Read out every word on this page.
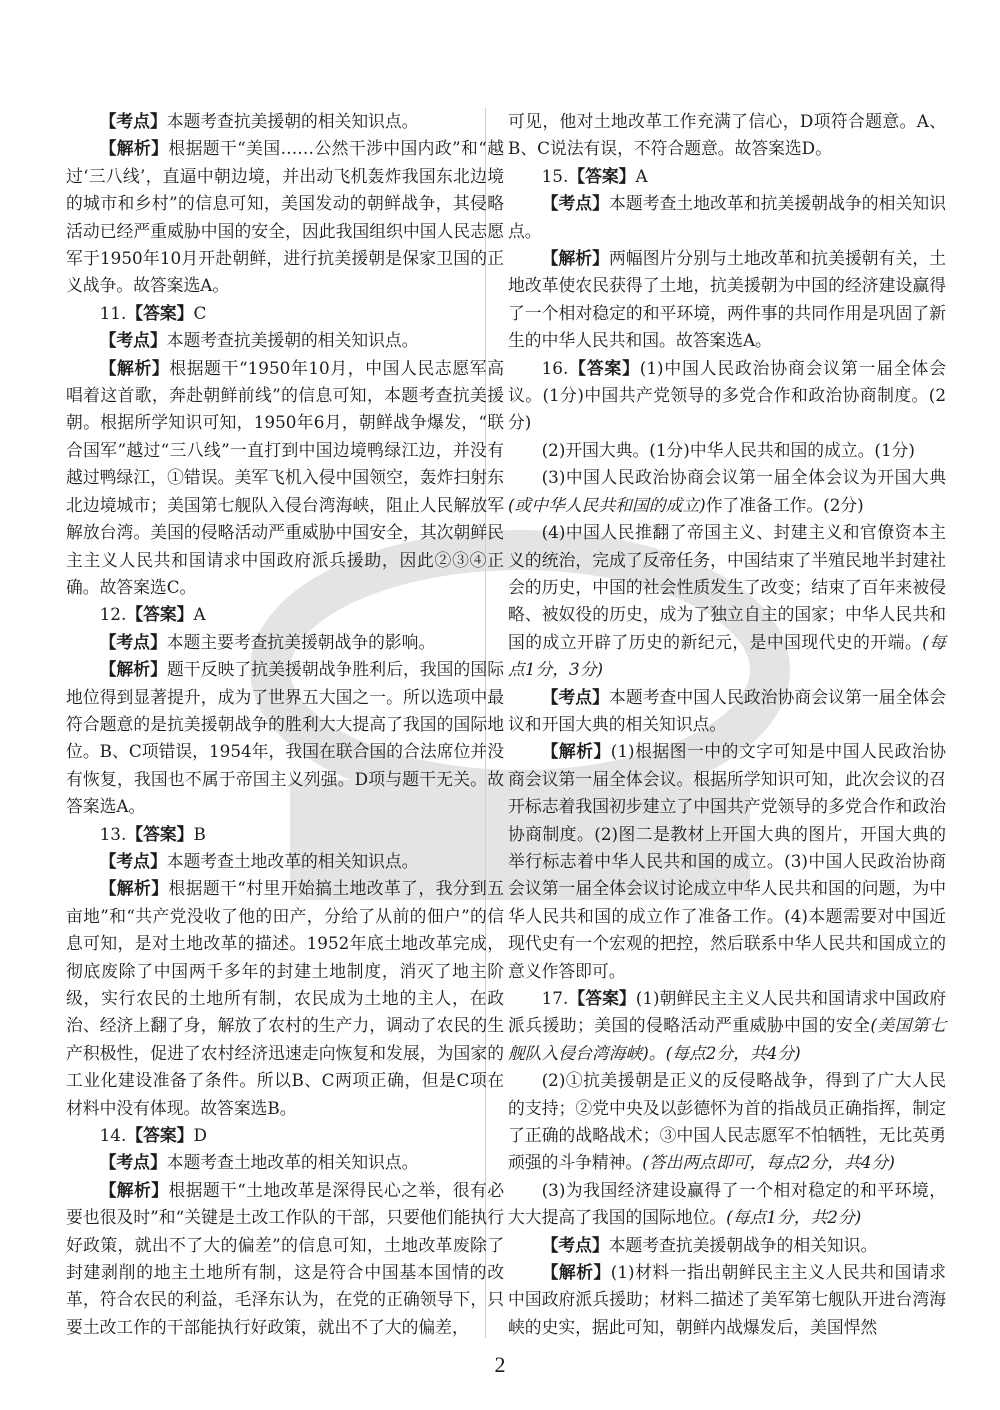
【考点】本题考查抗美援朝的相关知识点。

【解析】根据题干“美国……公然干涉中国内政”和“越过‘三八线’，直逼中朝边境，并出动飞机轰炸我国东北边境的城市和乡村”的信息可知，美国发动的朝鲜战争，其侵略活动已经严重威胁中国的安全，因此我国组织中国人民志愿军于1950年10月开赴朝鲜，进行抗美援朝是保家卫国的正义战争。故答案选A。

11.【答案】C

【考点】本题考查抗美援朝的相关知识点。

【解析】根据题干“1950年10月，中国人民志愿军高唱着这首歌，奔赴朝鲜前线”的信息可知，本题考查抗美援朝。根据所学知识可知，1950年6月，朝鲜战争爆发，“联合国军”越过“三八线”一直打到中国边境鸭绿江边，并没有越过鸭绿江，①错误。美军飞机入侵中国领空，轰炸扫射东北边境城市；美国第七舰队入侵台湾海峡，阻止人民解放军解放台湾。美国的侵略活动严重威胁中国安全，其次朝鲜民主主义人民共和国请求中国政府派兵援助，因此②③④正确。故答案选C。

12.【答案】A

【考点】本题主要考查抗美援朝战争的影响。

【解析】题干反映了抗美援朝战争胜利后，我国的国际地位得到显著提升，成为了世界五大国之一。所以选项中最符合题意的是抗美援朝战争的胜利大大提高了我国的国际地位。B、C项错误，1954年，我国在联合国的合法席位并没有恢复，我国也不属于帝国主义列强。D项与题干无关。故答案选A。

13.【答案】B

【考点】本题考查土地改革的相关知识点。

【解析】根据题干“村里开始搞土地改革了，我分到五亩地”和“共产党没收了他的田产，分给了从前的佃户”的信息可知，是对土地改革的描述。1952年底土地改革完成，彻底废除了中国两千多年的封建土地制度，消灭了地主阶级，实行农民的土地所有制，农民成为土地的主人，在政治、经济上翻了身，解放了农村的生产力，调动了农民的生产积极性，促进了农村经济迅速走向恢复和发展，为国家的工业化建设准备了条件。所以B、C两项正确，但是C项在材料中没有体现。故答案选B。

14.【答案】D

【考点】本题考查土地改革的相关知识点。

【解析】根据题干“土地改革是深得民心之举，很有必要也很及时”和“关键是土改工作队的干部，只要他们能执行好政策，就出不了大的偏差”的信息可知，土地改革废除了封建剥削的地主土地所有制，这是符合中国基本国情的改革，符合农民的利益，毛泽东认为，在党的正确领导下，只要土改工作的干部能执行好政策，就出不了大的偏差，

可见，他对土地改革工作充满了信心，D项符合题意。A、B、C说法有误，不符合题意。故答案选D。

15.【答案】A

【考点】本题考查土地改革和抗美援朝战争的相关知识点。

【解析】两幅图片分别与土地改革和抗美援朝有关，土地改革使农民获得了土地，抗美援朝为中国的经济建设赢得了一个相对稳定的和平环境，两件事的共同作用是巩固了新生的中华人民共和国。故答案选A。

16.【答案】(1)中国人民政治协商会议第一届全体会议。(1分)中国共产党领导的多党合作和政治协商制度。(2分)

(2)开国大典。(1分)中华人民共和国的成立。(1分)

(3)中国人民政治协商会议第一届全体会议为开国大典(或中华人民共和国的成立)作了准备工作。(2分)

(4)中国人民推翻了帝国主义、封建主义和官僚资本主义的统治，完成了反帝任务，中国结束了半殖民地半封建社会的历史，中国的社会性质发生了改变；结束了百年来被侵略、被奴役的历史，成为了独立自主的国家；中华人民共和国的成立开辟了历史的新纪元，是中国现代史的开端。(每点1分，3分)

【考点】本题考查中国人民政治协商会议第一届全体会议和开国大典的相关知识点。

【解析】(1)根据图一中的文字可知是中国人民政治协商会议第一届全体会议。根据所学知识可知，此次会议的召开标志着我国初步建立了中国共产党领导的多党合作和政治协商制度。(2)图二是教材上开国大典的图片，开国大典的举行标志着中华人民共和国的成立。(3)中国人民政治协商会议第一届全体会议讨论成立中华人民共和国的问题，为中华人民共和国的成立作了准备工作。(4)本题需要对中国近现代史有一个宏观的把控，然后联系中华人民共和国成立的意义作答即可。

17.【答案】(1)朝鲜民主主义人民共和国请求中国政府派兵援助；美国的侵略活动严重威胁中国的安全(美国第七舰队入侵台湾海峡)。(每点2分，共4分)

(2)①抗美援朝是正义的反侵略战争，得到了广大人民的支持；②党中央及以彭德怀为首的指战员正确指挥，制定了正确的战略战术；③中国人民志愿军不怕牺牲，无比英勇顽强的斗争精神。(答出两点即可，每点2分，共4分)

(3)为我国经济建设赢得了一个相对稳定的和平环境，大大提高了我国的国际地位。(每点1分，共2分)

【考点】本题考查抗美援朝战争的相关知识。

【解析】(1)材料一指出朝鲜民主主义人民共和国请求中国政府派兵援助；材料二描述了美军第七舰队开进台湾海峡的史实，据此可知，朝鲜内战爆发后，美国悍然

2
